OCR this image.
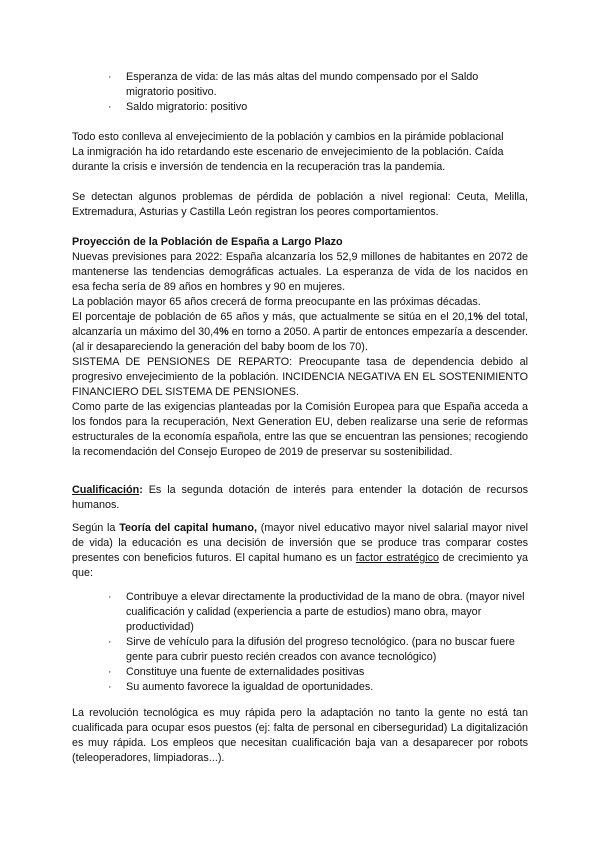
· Esperanza de vida: de las más altas del mundo compensado por el Saldo migratorio positivo.
· Saldo migratorio: positivo

Todo esto conlleva al envejecimiento de la población y cambios en la pirámide poblacional
La inmigración ha ido retardando este escenario de envejecimiento de la población. Caída durante la crisis e inversión de tendencia en la recuperación tras la pandemia.

Se detectan algunos problemas de pérdida de población a nivel regional: Ceuta, Melilla, Extremadura, Asturias y Castilla León registran los peores comportamientos.

Proyección de la Población de España a Largo Plazo
Nuevas previsiones para 2022: España alcanzaría los 52,9 millones de habitantes en 2072 de mantenerse las tendencias demográficas actuales. La esperanza de vida de los nacidos en esa fecha sería de 89 años en hombres y 90 en mujeres.
La población mayor 65 años crecerá de forma preocupante en las próximas décadas.
El porcentaje de población de 65 años y más, que actualmente se sitúa en el 20,1% del total, alcanzaría un máximo del 30,4% en torno a 2050. A partir de entonces empezaría a descender. (al ir desapareciendo la generación del baby boom de los 70).
SISTEMA DE PENSIONES DE REPARTO: Preocupante tasa de dependencia debido al progresivo envejecimiento de la población. INCIDENCIA NEGATIVA EN EL SOSTENIMIENTO FINANCIERO DEL SISTEMA DE PENSIONES.
Como parte de las exigencias planteadas por la Comisión Europea para que España acceda a los fondos para la recuperación, Next Generation EU, deben realizarse una serie de reformas estructurales de la economía española, entre las que se encuentran las pensiones; recogiendo la recomendación del Consejo Europeo de 2019 de preservar su sostenibilidad.

Cualificación: Es la segunda dotación de interés para entender la dotación de recursos humanos.

Según la Teoría del capital humano, (mayor nivel educativo mayor nivel salarial mayor nivel de vida) la educación es una decisión de inversión que se produce tras comparar costes presentes con beneficios futuros. El capital humano es un factor estratégico de crecimiento ya que:

· Contribuye a elevar directamente la productividad de la mano de obra. (mayor nivel cualificación y calidad (experiencia a parte de estudios) mano obra, mayor productividad)
· Sirve de vehículo para la difusión del progreso tecnológico. (para no buscar fuere gente para cubrir puesto recién creados con avance tecnológico)
· Constituye una fuente de externalidades positivas
· Su aumento favorece la igualdad de oportunidades.

La revolución tecnológica es muy rápida pero la adaptación no tanto la gente no está tan cualificada para ocupar esos puestos (ej: falta de personal en ciberseguridad) La digitalización es muy rápida. Los empleos que necesitan cualificación baja van a desaparecer por robots (teleoperadores, limpiadoras...).
